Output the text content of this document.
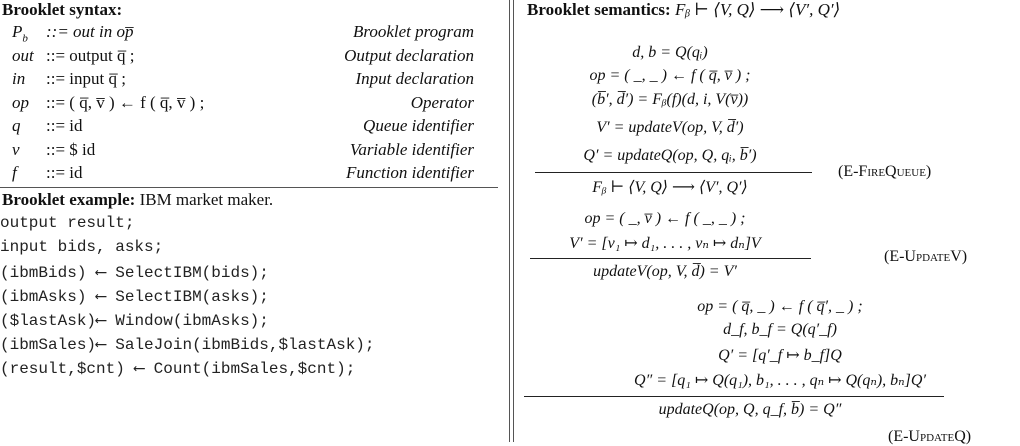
Brooklet syntax:
$P_b$ ::= out in op̅	Brooklet program
out ::= output q̅ ;	Output declaration
in ::= input q̅ ;	Input declaration
op ::= ( q̅, v̅ ) ← f ( q̅, v̅ ) ;	Operator
q ::= id	Queue identifier
v ::= $ id	Variable identifier
f ::= id	Function identifier
Brooklet example: IBM market maker.
output result;
input bids, asks;
(ibmBids) ⟵ SelectIBM(bids);
(ibmAsks) ⟵ SelectIBM(asks);
($lastAsk)⟵ Window(ibmAsks);
(ibmSales)⟵ SaleJoin(ibmBids,$lastAsk);
(result,$cnt) ⟵ Count(ibmSales,$cnt);
Brooklet semantics: Fᵦ ⊢ ⟨V, Q⟩ ⟶ ⟨V′, Q′⟩
d, b = Q(qᵢ)
op = ( _, _ ) ← f ( q̅, v̅ ) ;
(b̅′, d̅′) = Fᵦ(f)(d, i, V(v̅))
V′ = updateV(op, V, d̅′)
Q′ = updateQ(op, Q, qᵢ, b̅′)
Fᵦ ⊢ ⟨V, Q⟩ ⟶ ⟨V′, Q′⟩
(E-FireQueue)
op = ( _, v̅ ) ← f ( _, _ ) ;
V′ = [v₁ ↦ d₁, . . . , vₙ ↦ dₙ]V
updateV(op, V, d̅) = V′
(E-UpdateV)
op = ( q̅, _ ) ← f ( q̅′, _ ) ;
d_f, b_f = Q(q′_f)
Q′ = [q′_f ↦ b_f]Q
Q″ = [q₁ ↦ Q(q₁), b₁, . . . , qₙ ↦ Q(qₙ), bₙ]Q′
updateQ(op, Q, q_f, b̅) = Q″
(E-UpdateQ)
